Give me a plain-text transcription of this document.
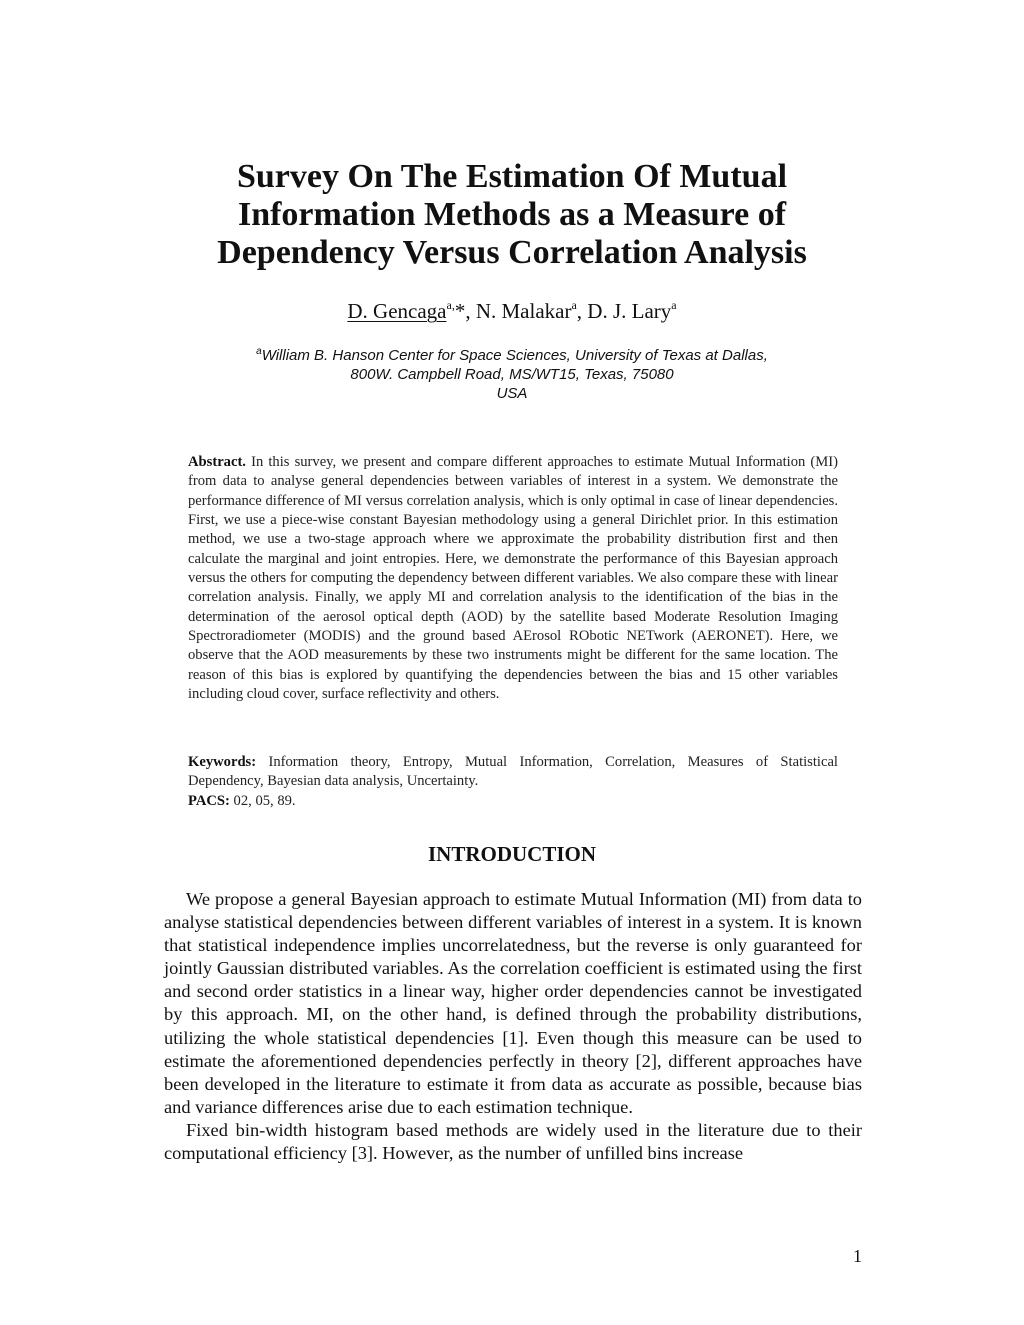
Survey On The Estimation Of Mutual
Information Methods as a Measure of
Dependency Versus Correlation Analysis
D. Gencaga$^{a,}$*, N. Malakar$^a$, D. J. Lary$^a$
$^a$William B. Hanson Center for Space Sciences, University of Texas at Dallas,
800W. Campbell Road, MS/WT15, Texas, 75080
USA
Abstract. In this survey, we present and compare different approaches to estimate Mutual Information (MI) from data to analyse general dependencies between variables of interest in a system. We demonstrate the performance difference of MI versus correlation analysis, which is only optimal in case of linear dependencies. First, we use a piece-wise constant Bayesian methodology using a general Dirichlet prior. In this estimation method, we use a two-stage approach where we approximate the probability distribution first and then calculate the marginal and joint entropies. Here, we demonstrate the performance of this Bayesian approach versus the others for computing the dependency between different variables. We also compare these with linear correlation analysis. Finally, we apply MI and correlation analysis to the identification of the bias in the determination of the aerosol optical depth (AOD) by the satellite based Moderate Resolution Imaging Spectroradiometer (MODIS) and the ground based AErosol RObotic NETwork (AERONET). Here, we observe that the AOD measurements by these two instruments might be different for the same location. The reason of this bias is explored by quantifying the dependencies between the bias and 15 other variables including cloud cover, surface reflectivity and others.
Keywords: Information theory, Entropy, Mutual Information, Correlation, Measures of Statistical Dependency, Bayesian data analysis, Uncertainty.
PACS: 02, 05, 89.
INTRODUCTION

We propose a general Bayesian approach to estimate Mutual Information (MI) from data to analyse statistical dependencies between different variables of interest in a system. It is known that statistical independence implies uncorrelatedness, but the reverse is only guaranteed for jointly Gaussian distributed variables. As the correlation coefficient is estimated using the first and second order statistics in a linear way, higher order dependencies cannot be investigated by this approach. MI, on the other hand, is defined through the probability distributions, utilizing the whole statistical dependencies [1]. Even though this measure can be used to estimate the aforementioned dependencies perfectly in theory [2], different approaches have been developed in the literature to estimate it from data as accurate as possible, because bias and variance differences arise due to each estimation technique.

Fixed bin-width histogram based methods are widely used in the literature due to their computational efficiency [3]. However, as the number of unfilled bins increase

1
